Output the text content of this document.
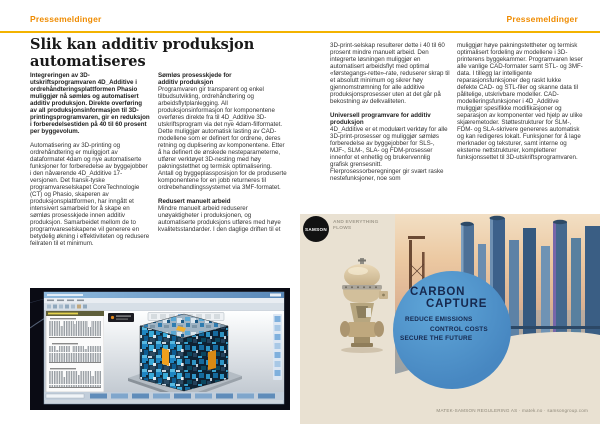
Pressemeldinger
Slik kan additiv produksjon automatiseres

Integreringen av 3D-utskriftsprogramvaren 4D_Additive i ordrehåndteringsplattformen Phasio muliggjør nå sømløs og automatisert additiv produksjon. Direkte overføring av all produksjonsinformasjon til 3D-printingsprogramvaren, gir en reduksjon i forberedelsestiden på 40 til 60 prosent per byggevolum.

Automatisering av 3D-printing og ordrehåndtering er muliggjort av dataformatet 4dam og nye automatiserte funksjoner for forberedelse av byggejobber i den nåværende 4D_Additive 17-versjonen. Det fransk-tyske programvareselskapet CoreTechnologie (CT) og Phasio, skaperen av produksjonsplattformen, har inngått et intensivert samarbeid for å skape en sømløs prosesskjede innen additiv produksjon. Samarbeidet mellom de to programvareselskapene vil generere en betydelig økning i effektiviteten og redusere feilraten til et minimum.

Sømløs prosesskjede for additiv produksjon

Programvaren gir transparent og enkel tilbudsutvikling, ordrehåndtering og arbeidsflytplanlegging. All produksjonsinformasjon for komponentene overføres direkte fra til 4D_Additive 3D-utskriftsprogram via det nye 4dam-filformatet. Dette muliggjør automatisk lasting av CAD-modellene som er definert for ordrene, deres retning og duplisering av komponentene. Etter å ha definert de ønskede nesteparameterne, utfører verktøyet 3D-nesting med høy pakningstetthet og termisk optimalisering. Antall og byggeplassposisjon for de produserte komponentene for en jobb returneres til ordrebehandlingssystemet via 3MF-formatet.

Redusert manuelt arbeid

Mindre manuelt arbeid reduserer unøyaktigheter i produksjonen, og automatiserte produksjons utføres med høye kvalitetsstandarder. I den daglige driften til et

Pressemeldinger

3D-print-selskap resulterer dette i 40 til 60 prosent mindre manuelt arbeid. Den integrerte løsningen muliggjør en automatisert arbeidsflyt med optimal «førstegangs-rette»-rate, reduserer skrap til et absolutt minimum og sikrer høy gjennomstrømning for alle additive produksjonsprosesser uten at det går på bekostning av delkvaliteten.

Universell programvare for additiv produksjon

4D_Additive er et modulært verktøy for alle 3D-print-prosesser og muliggjør sømløs forberedelse av byggejobber for SLS-, MJF-, SLM-, SLA- og FDM-prosesser innenfor et enhetlig og brukervennlig grafisk grensesnitt. Flerprosessorberegninger gir svært raske nestefunksjoner, noe som

muliggjør høye pakningstettheter og termisk optimalisert fordeling av modellene i 3D-printerens byggekammer. Programvaren leser alle vanlige CAD-formater samt STL- og 3MF-data. I tillegg lar intelligente reparasjonsfunksjoner deg raskt lukke defekte CAD- og STL-filer og skanne data til pålitelige, utskrivbare modeller. CAD-modelleringsfunksjoner i 4D_Additive muliggjør spesifikke modifikasjoner og separasjon av komponenter ved hjelp av ulike skjæremetoder. Støttestrukturer for SLM-, FDM- og SLA-skrivere genereres automatisk og kan redigeres lokalt. Funksjoner for å lage merknader og teksturer, samt interne og eksterne nettstrukturer, kompletterer funksjonssettet til 3D-utskriftsprogramvaren.

SAMSON
AND EVERYTHING FLOWS
CARBON
CAPTURE
REDUCE EMISSIONS
CONTROL COSTS
SECURE THE FUTURE
MATEK-SAMSON REGULERING AS · matek.no · samsongroup.com
